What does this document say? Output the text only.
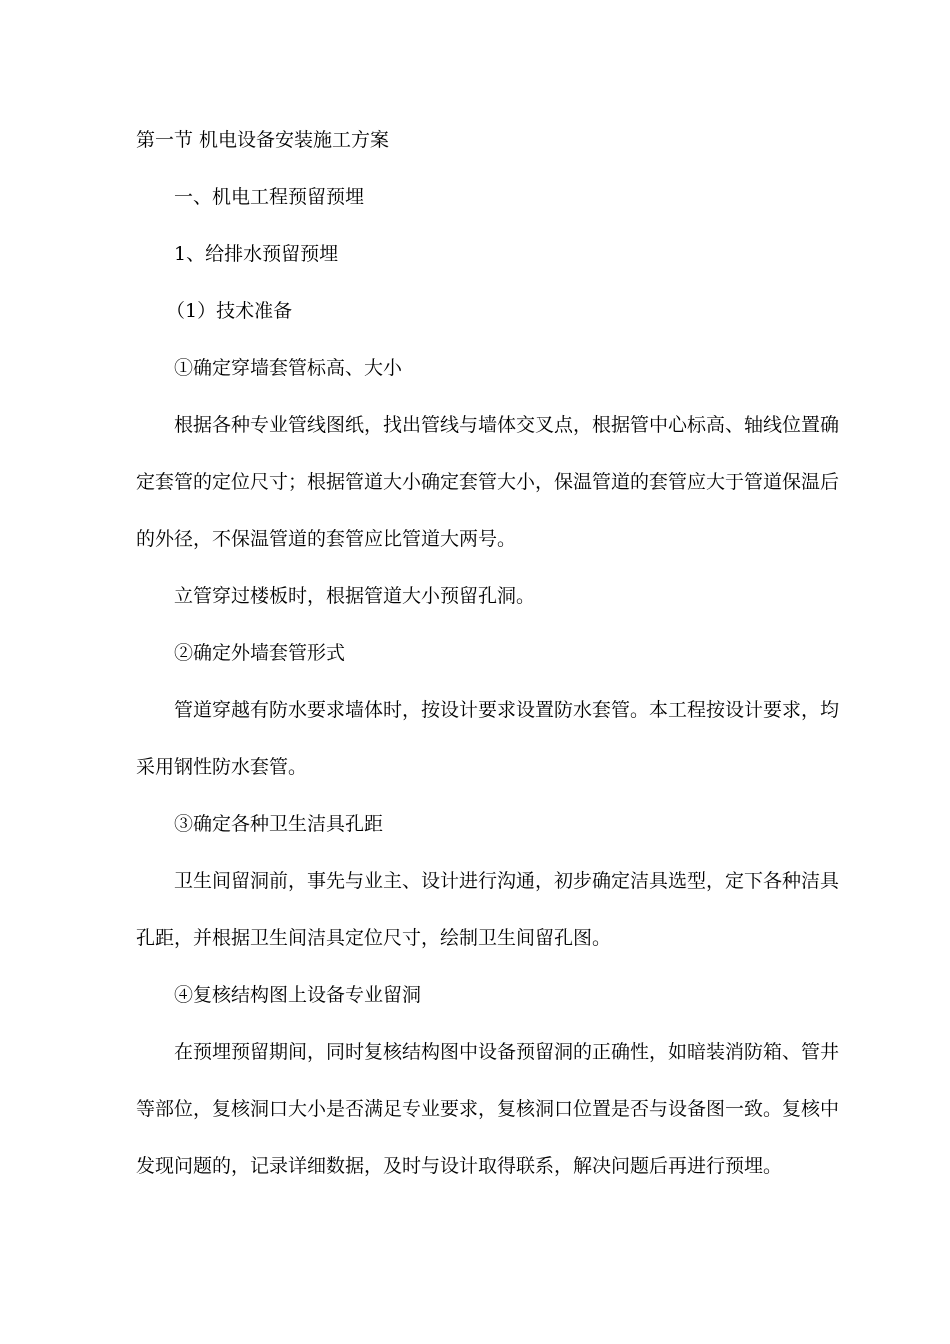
第一节 机电设备安装施工方案
一、机电工程预留预埋
1、给排水预留预埋
（1）技术准备
①确定穿墙套管标高、大小
根据各种专业管线图纸，找出管线与墙体交叉点，根据管中心标高、轴线位置确定套管的定位尺寸；根据管道大小确定套管大小，保温管道的套管应大于管道保温后的外径，不保温管道的套管应比管道大两号。
立管穿过楼板时，根据管道大小预留孔洞。
②确定外墙套管形式
管道穿越有防水要求墙体时，按设计要求设置防水套管。本工程按设计要求，均采用钢性防水套管。
③确定各种卫生洁具孔距
卫生间留洞前，事先与业主、设计进行沟通，初步确定洁具选型，定下各种洁具孔距，并根据卫生间洁具定位尺寸，绘制卫生间留孔图。
④复核结构图上设备专业留洞
在预埋预留期间，同时复核结构图中设备预留洞的正确性，如暗装消防箱、管井等部位，复核洞口大小是否满足专业要求，复核洞口位置是否与设备图一致。复核中发现问题的，记录详细数据，及时与设计取得联系，解决问题后再进行预埋。
